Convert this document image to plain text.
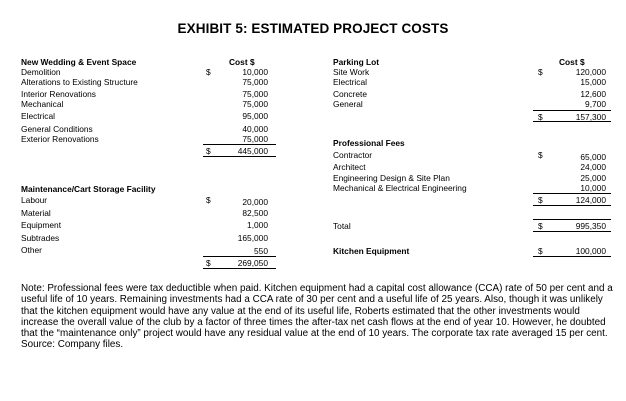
EXHIBIT 5: ESTIMATED PROJECT COSTS
New Wedding & Event Space	Cost $
$
Demolition	10,000
Alterations to Existing Structure	75,000
Interior Renovations	75,000
Mechanical	75,000
Electrical	95,000
General Conditions	40,000
Exterior Renovations	75,000
$	445,000
Maintenance/Cart Storage Facility
$
Labour	20,000
Material	82,500
Equipment	1,000
Subtrades	165,000
Other	550
$	269,050
Parking Lot	Cost $
$
Site Work	120,000
Electrical	15,000
Concrete	12,600
General	9,700
$	157,300
Professional Fees
$
Contractor	65,000
Architect	24,000
Engineering Design & Site Plan	25,000
Mechanical & Electrical Engineering	10,000
$	124,000
Total	$	995,350
Kitchen Equipment	$	100,000
Note: Professional fees were tax deductible when paid. Kitchen equipment had a capital cost allowance (CCA) rate of 50 per cent and a useful life of 10 years. Remaining investments had a CCA rate of 30 per cent and a useful life of 25 years. Also, though it was unlikely that the kitchen equipment would have any value at the end of its useful life, Roberts estimated that the other investments would increase the overall value of the club by a factor of three times the after-tax net cash flows at the end of year 10. However, he doubted that the “maintenance only” project would have any residual value at the end of 10 years. The corporate tax rate averaged 15 per cent.
Source: Company files.
